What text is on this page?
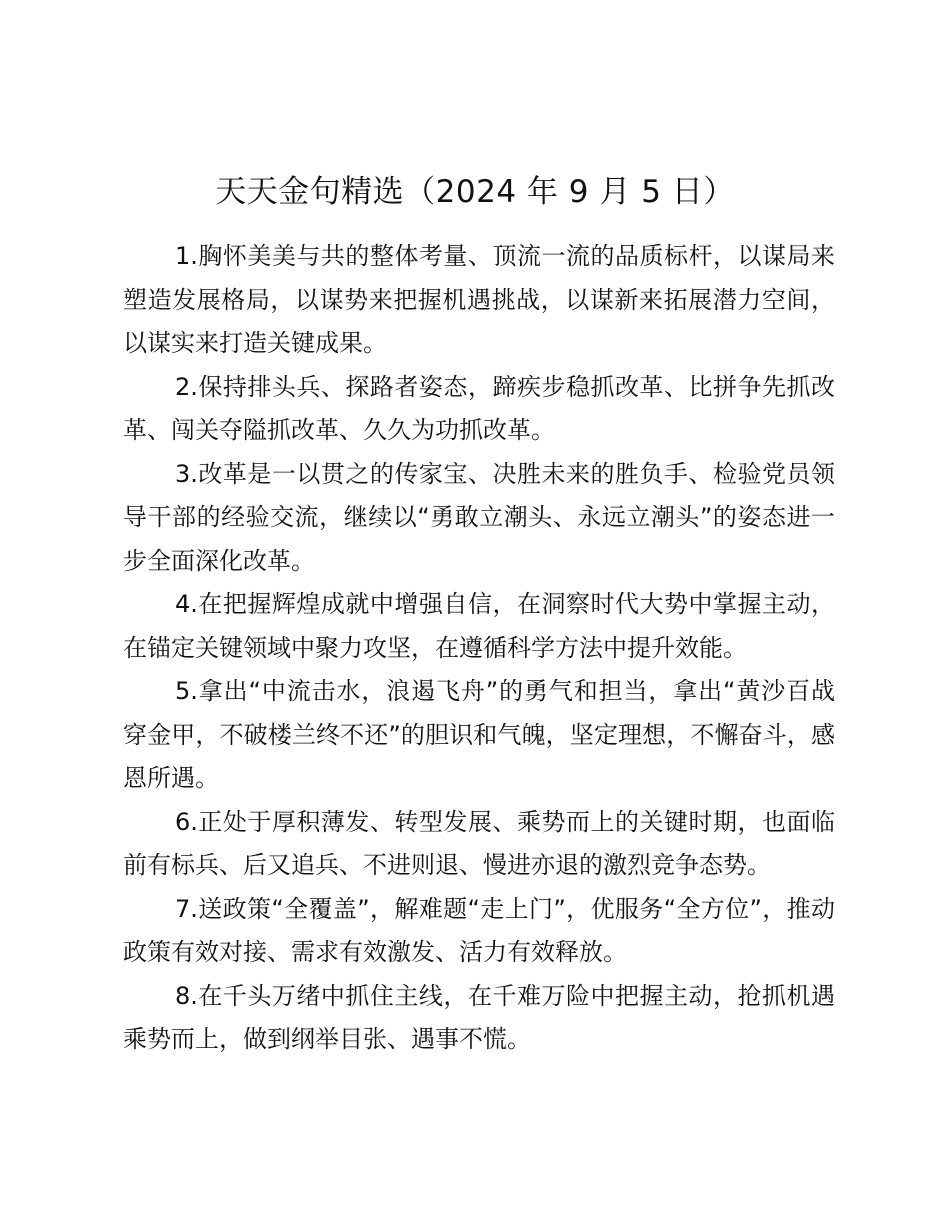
天天金句精选（2024 年 9 月 5 日）

1.胸怀美美与共的整体考量、顶流一流的品质标杆，以谋局来塑造发展格局，以谋势来把握机遇挑战，以谋新来拓展潜力空间，以谋实来打造关键成果。

2.保持排头兵、探路者姿态，蹄疾步稳抓改革、比拼争先抓改革、闯关夺隘抓改革、久久为功抓改革。

3.改革是一以贯之的传家宝、决胜未来的胜负手、检验党员领导干部的经验交流，继续以“勇敢立潮头、永远立潮头”的姿态进一步全面深化改革。

4.在把握辉煌成就中增强自信，在洞察时代大势中掌握主动，在锚定关键领域中聚力攻坚，在遵循科学方法中提升效能。

5.拿出“中流击水，浪遏飞舟”的勇气和担当，拿出“黄沙百战穿金甲，不破楼兰终不还”的胆识和气魄，坚定理想，不懈奋斗，感恩所遇。

6.正处于厚积薄发、转型发展、乘势而上的关键时期，也面临前有标兵、后又追兵、不进则退、慢进亦退的激烈竞争态势。

7.送政策“全覆盖”，解难题“走上门”，优服务“全方位”，推动政策有效对接、需求有效激发、活力有效释放。

8.在千头万绪中抓住主线，在千难万险中把握主动，抢抓机遇乘势而上，做到纲举目张、遇事不慌。
